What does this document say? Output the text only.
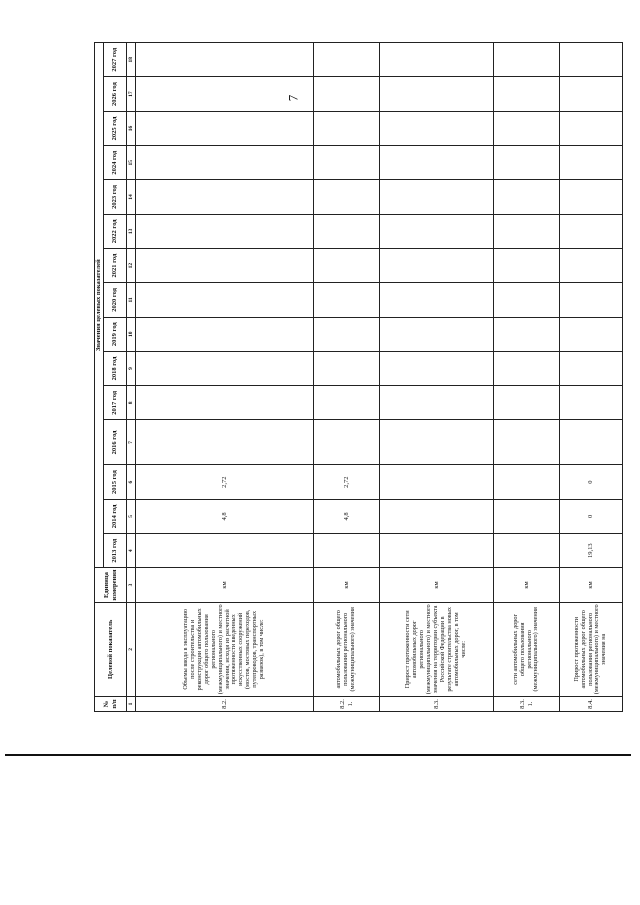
7
№ п/п	Целевой показатель	Единица измерения	Значения целевых показателей														
			2013 год	2014 год	2015 год	2016 год	2017 год	2018 год	2019 год	2020 год	2021 год	2022 год	2023 год	2024 год	2025 год	2026 год	2027 год
1	2	3	4	5	6	7	8	9	10	11	12	13	14	15	16	17	18
8.2.	Объемы ввода в эксплуатацию после строительства и реконструкции автомобильных дорог общего пользования регионального (межмуниципального) и местного значения, исходя из расчетной протяженности введенных искусственных сооружений (мостов, мостовых переходов, путепроводов, транспортных развязок), в том числе:	км		4,8	2,72												
8.2.1.	автомобильных дорог общего пользования регионального (межмуниципального) значения	км		4,8	2,72												
8.3.	Прирост протяженности сети автомобильных дорог регионального (межмуниципального) и местного значения на территории субъекта Российской Федерации в результате строительства новых автомобильных дорог, в том числе:	км															
8.3.1.	сети автомобильных дорог общего пользования регионального (межмуниципального) значения	км															
8.4.	Прирост протяженности автомобильных дорог общего пользования регионального (межмуниципального) и местного значения на	км	19,13	0	0												
